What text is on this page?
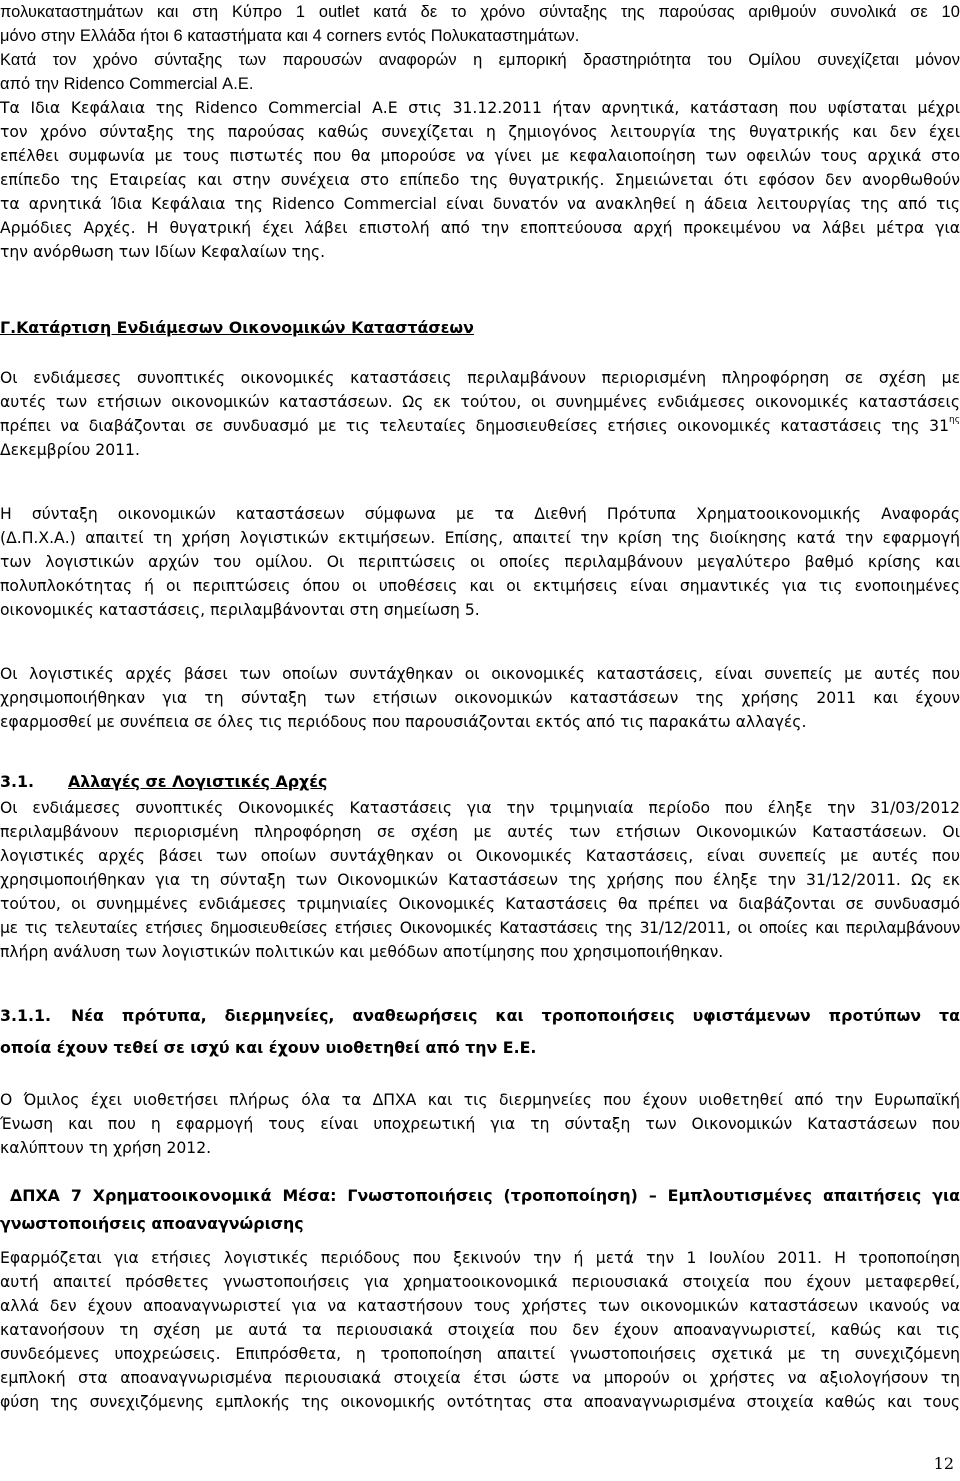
πολυκαταστημάτων και στη Κύπρο 1 outlet κατά δε το χρόνο σύνταξης της παρούσας αριθμούν συνολικά σε 10
μόνο στην Ελλάδα ήτοι 6 καταστήματα και 4 corners εντός Πολυκαταστημάτων.
Κατά τον χρόνο σύνταξης των παρουσών αναφορών η εμπορική δραστηριότητα του Ομίλου συνεχίζεται μόνον
από την Ridenco Commercial Α.Ε.
Τα Ιδια Κεφάλαια της Ridenco Commercial Α.Ε στις 31.12.2011 ήταν αρνητικά, κατάσταση που υφίσταται μέχρι
τον χρόνο σύνταξης της παρούσας καθώς συνεχίζεται η ζημιογόνος λειτουργία της θυγατρικής και δεν έχει
επέλθει συμφωνία με τους πιστωτές που θα μπορούσε να γίνει με κεφαλαιοποίηση των οφειλών τους αρχικά στο
επίπεδο της Εταιρείας και στην συνέχεια στο επίπεδο της θυγατρικής. Σημειώνεται ότι εφόσον δεν ανορθωθούν
τα αρνητικά Ίδια Κεφάλαια της Ridenco Commercial είναι δυνατόν να ανακληθεί η άδεια λειτουργίας της από τις
Αρμόδιες Αρχές. Η θυγατρική έχει λάβει επιστολή από την εποπτεύουσα αρχή προκειμένου να λάβει μέτρα για
την ανόρθωση των Ιδίων Κεφαλαίων της.
Γ.Κατάρτιση Ενδιάμεσων Οικονομικών Καταστάσεων
Οι ενδιάμεσες συνοπτικές οικονομικές καταστάσεις περιλαμβάνουν περιορισμένη πληροφόρηση σε σχέση με
αυτές των ετήσιων οικονομικών καταστάσεων. Ως εκ τούτου, οι συνημμένες ενδιάμεσες οικονομικές καταστάσεις
πρέπει να διαβάζονται σε συνδυασμό με τις τελευταίες δημοσιευθείσες ετήσιες οικονομικές καταστάσεις της $31^{\eta\varsigma}$
Δεκεμβρίου 2011.
Η σύνταξη οικονομικών καταστάσεων σύμφωνα με τα Διεθνή Πρότυπα Χρηματοοικονομικής Αναφοράς
(Δ.Π.Χ.Α.) απαιτεί τη χρήση λογιστικών εκτιμήσεων. Επίσης, απαιτεί την κρίση της διοίκησης κατά την εφαρμογή
των λογιστικών αρχών του ομίλου. Οι περιπτώσεις οι οποίες περιλαμβάνουν μεγαλύτερο βαθμό κρίσης και
πολυπλοκότητας ή οι περιπτώσεις όπου οι υποθέσεις και οι εκτιμήσεις είναι σημαντικές για τις ενοποιημένες
οικονομικές καταστάσεις, περιλαμβάνονται στη σημείωση 5.
Οι λογιστικές αρχές βάσει των οποίων συντάχθηκαν οι οικονομικές καταστάσεις, είναι συνεπείς με αυτές που
χρησιμοποιήθηκαν για τη σύνταξη των ετήσιων οικονομικών καταστάσεων της χρήσης 2011 και έχουν
εφαρμοσθεί με συνέπεια σε όλες τις περιόδους που παρουσιάζονται εκτός από τις παρακάτω αλλαγές.
3.1. Αλλαγές σε Λογιστικές Αρχές
Οι ενδιάμεσες συνοπτικές Οικονομικές Καταστάσεις για την τριμηνιαία περίοδο που έληξε την 31/03/2012
περιλαμβάνουν περιορισμένη πληροφόρηση σε σχέση με αυτές των ετήσιων Οικονομικών Καταστάσεων. Οι
λογιστικές αρχές βάσει των οποίων συντάχθηκαν οι Οικονομικές Καταστάσεις, είναι συνεπείς με αυτές που
χρησιμοποιήθηκαν για τη σύνταξη των Οικονομικών Καταστάσεων της χρήσης που έληξε την 31/12/2011. Ως εκ
τούτου, οι συνημμένες ενδιάμεσες τριμηνιαίες Οικονομικές Καταστάσεις θα πρέπει να διαβάζονται σε συνδυασμό
με τις τελευταίες ετήσιες δημοσιευθείσες ετήσιες Οικονομικές Καταστάσεις της 31/12/2011, οι οποίες και περιλαμβάνουν
πλήρη ανάλυση των λογιστικών πολιτικών και μεθόδων αποτίμησης που χρησιμοποιήθηκαν.
3.1.1. Νέα πρότυπα, διερμηνείες, αναθεωρήσεις και τροποποιήσεις υφιστάμενων προτύπων τα
οποία έχουν τεθεί σε ισχύ και έχουν υιοθετηθεί από την Ε.Ε.
Ο Όμιλος έχει υιοθετήσει πλήρως όλα τα ΔΠΧΑ και τις διερμηνείες που έχουν υιοθετηθεί από την Ευρωπαϊκή
Ένωση και που η εφαρμογή τους είναι υποχρεωτική για τη σύνταξη των Οικονομικών Καταστάσεων που
καλύπτουν τη χρήση 2012.
ΔΠΧΑ 7 Χρηματοοικονομικά Μέσα: Γνωστοποιήσεις (τροποποίηση) – Εμπλουτισμένες απαιτήσεις για
γνωστοποιήσεις αποαναγνώρισης
Εφαρμόζεται για ετήσιες λογιστικές περιόδους που ξεκινούν την ή μετά την 1 Ιουλίου 2011. Η τροποποίηση
αυτή απαιτεί πρόσθετες γνωστοποιήσεις για χρηματοοικονομικά περιουσιακά στοιχεία που έχουν μεταφερθεί,
αλλά δεν έχουν αποαναγνωριστεί για να καταστήσουν τους χρήστες των οικονομικών καταστάσεων ικανούς να
κατανοήσουν τη σχέση με αυτά τα περιουσιακά στοιχεία που δεν έχουν αποαναγνωριστεί, καθώς και τις
συνδεόμενες υποχρεώσεις. Επιπρόσθετα, η τροποποίηση απαιτεί γνωστοποιήσεις σχετικά με τη συνεχιζόμενη
εμπλοκή στα αποαναγνωρισμένα περιουσιακά στοιχεία έτσι ώστε να μπορούν οι χρήστες να αξιολογήσουν τη
φύση της συνεχιζόμενης εμπλοκής της οικονομικής οντότητας στα αποαναγνωρισμένα στοιχεία καθώς και τους
12
